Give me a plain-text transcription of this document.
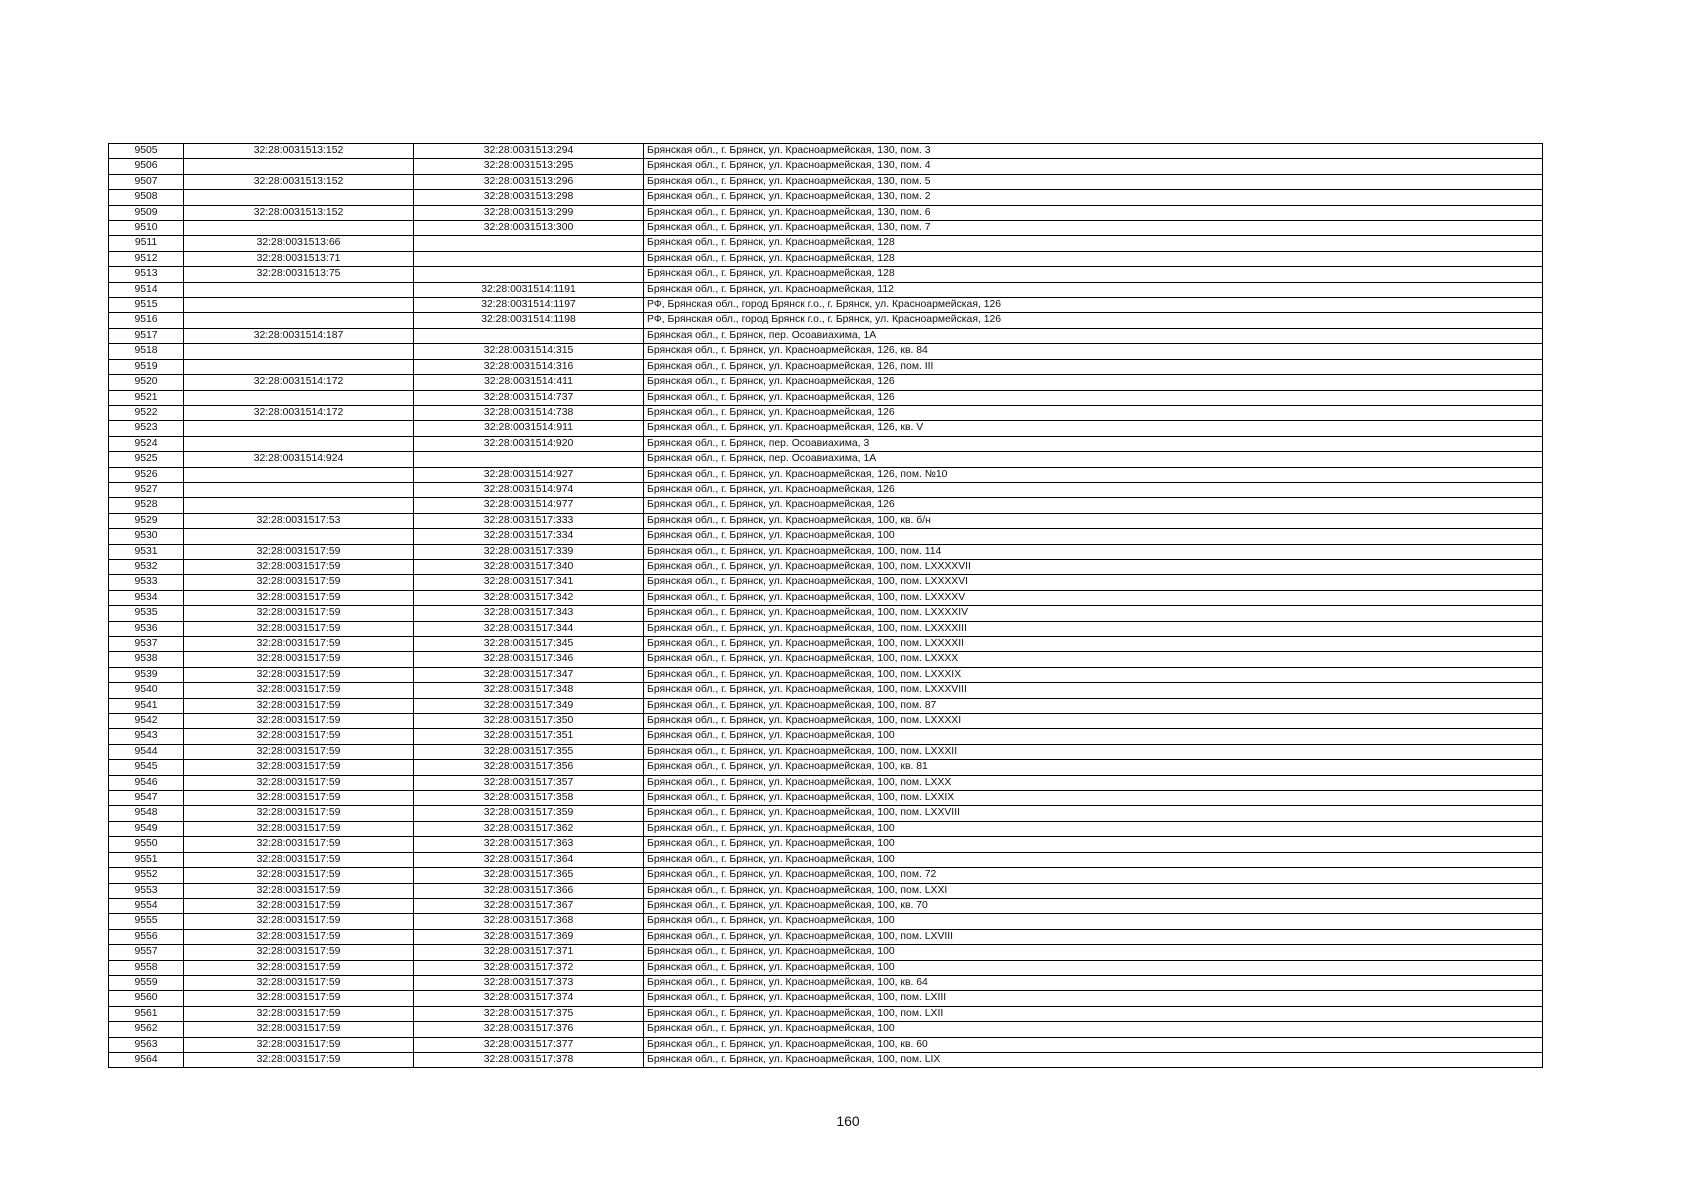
9505	32:28:0031513:152	32:28:0031513:294	Брянская обл., г. Брянск, ул. Красноармейская, 130, пом. 3
9506		32:28:0031513:295	Брянская обл., г. Брянск, ул. Красноармейская, 130, пом. 4
9507	32:28:0031513:152	32:28:0031513:296	Брянская обл., г. Брянск, ул. Красноармейская, 130, пом. 5
9508		32:28:0031513:298	Брянская обл., г. Брянск, ул. Красноармейская, 130, пом. 2
9509	32:28:0031513:152	32:28:0031513:299	Брянская обл., г. Брянск, ул. Красноармейская, 130, пом. 6
9510		32:28:0031513:300	Брянская обл., г. Брянск, ул. Красноармейская, 130, пом. 7
9511	32:28:0031513:66		Брянская обл., г. Брянск, ул. Красноармейская, 128
9512	32:28:0031513:71		Брянская обл., г. Брянск, ул. Красноармейская, 128
9513	32:28:0031513:75		Брянская обл., г. Брянск, ул. Красноармейская, 128
9514		32:28:0031514:1191	Брянская обл., г. Брянск, ул. Красноармейская, 112
9515		32:28:0031514:1197	РФ, Брянская обл., город Брянск г.о., г. Брянск, ул. Красноармейская, 126
9516		32:28:0031514:1198	РФ, Брянская обл., город Брянск г.о., г. Брянск, ул. Красноармейская, 126
9517	32:28:0031514:187		Брянская обл., г. Брянск, пер. Осоавиахима, 1А
9518		32:28:0031514:315	Брянская обл., г. Брянск, ул. Красноармейская, 126, кв. 84
9519		32:28:0031514:316	Брянская обл., г. Брянск, ул. Красноармейская, 126, пом. III
9520	32:28:0031514:172	32:28:0031514:411	Брянская обл., г. Брянск, ул. Красноармейская, 126
9521		32:28:0031514:737	Брянская обл., г. Брянск, ул. Красноармейская, 126
9522	32:28:0031514:172	32:28:0031514:738	Брянская обл., г. Брянск, ул. Красноармейская, 126
9523		32:28:0031514:911	Брянская обл., г. Брянск, ул. Красноармейская, 126, кв. V
9524		32:28:0031514:920	Брянская обл., г. Брянск, пер. Осоавиахима, 3
9525	32:28:0031514:924		Брянская обл., г. Брянск, пер. Осоавиахима, 1А
9526		32:28:0031514:927	Брянская обл., г. Брянск, ул. Красноармейская, 126, пом. №10
9527		32:28:0031514:974	Брянская обл., г. Брянск, ул. Красноармейская, 126
9528		32:28:0031514:977	Брянская обл., г. Брянск, ул. Красноармейская, 126
9529	32:28:0031517:53	32:28:0031517:333	Брянская обл., г. Брянск, ул. Красноармейская, 100, кв. б/н
9530		32:28:0031517:334	Брянская обл., г. Брянск, ул. Красноармейская, 100
9531	32:28:0031517:59	32:28:0031517:339	Брянская обл., г. Брянск, ул. Красноармейская, 100, пом. 114
9532	32:28:0031517:59	32:28:0031517:340	Брянская обл., г. Брянск, ул. Красноармейская, 100, пом. LXXXXVII
9533	32:28:0031517:59	32:28:0031517:341	Брянская обл., г. Брянск, ул. Красноармейская, 100, пом. LXXXXVI
9534	32:28:0031517:59	32:28:0031517:342	Брянская обл., г. Брянск, ул. Красноармейская, 100, пом. LXXXXV
9535	32:28:0031517:59	32:28:0031517:343	Брянская обл., г. Брянск, ул. Красноармейская, 100, пом. LXXXXIV
9536	32:28:0031517:59	32:28:0031517:344	Брянская обл., г. Брянск, ул. Красноармейская, 100, пом. LXXXXIII
9537	32:28:0031517:59	32:28:0031517:345	Брянская обл., г. Брянск, ул. Красноармейская, 100, пом. LXXXXII
9538	32:28:0031517:59	32:28:0031517:346	Брянская обл., г. Брянск, ул. Красноармейская, 100, пом. LXXXX
9539	32:28:0031517:59	32:28:0031517:347	Брянская обл., г. Брянск, ул. Красноармейская, 100, пом. LXXXIX
9540	32:28:0031517:59	32:28:0031517:348	Брянская обл., г. Брянск, ул. Красноармейская, 100, пом. LXXXVIII
9541	32:28:0031517:59	32:28:0031517:349	Брянская обл., г. Брянск, ул. Красноармейская, 100, пом. 87
9542	32:28:0031517:59	32:28:0031517:350	Брянская обл., г. Брянск, ул. Красноармейская, 100, пом. LXXXXI
9543	32:28:0031517:59	32:28:0031517:351	Брянская обл., г. Брянск, ул. Красноармейская, 100
9544	32:28:0031517:59	32:28:0031517:355	Брянская обл., г. Брянск, ул. Красноармейская, 100, пом. LXXXII
9545	32:28:0031517:59	32:28:0031517:356	Брянская обл., г. Брянск, ул. Красноармейская, 100, кв. 81
9546	32:28:0031517:59	32:28:0031517:357	Брянская обл., г. Брянск, ул. Красноармейская, 100, пом. LXXX
9547	32:28:0031517:59	32:28:0031517:358	Брянская обл., г. Брянск, ул. Красноармейская, 100, пом. LXXIX
9548	32:28:0031517:59	32:28:0031517:359	Брянская обл., г. Брянск, ул. Красноармейская, 100, пом. LXXVIII
9549	32:28:0031517:59	32:28:0031517:362	Брянская обл., г. Брянск, ул. Красноармейская, 100
9550	32:28:0031517:59	32:28:0031517:363	Брянская обл., г. Брянск, ул. Красноармейская, 100
9551	32:28:0031517:59	32:28:0031517:364	Брянская обл., г. Брянск, ул. Красноармейская, 100
9552	32:28:0031517:59	32:28:0031517:365	Брянская обл., г. Брянск, ул. Красноармейская, 100, пом. 72
9553	32:28:0031517:59	32:28:0031517:366	Брянская обл., г. Брянск, ул. Красноармейская, 100, пом. LXXI
9554	32:28:0031517:59	32:28:0031517:367	Брянская обл., г. Брянск, ул. Красноармейская, 100, кв. 70
9555	32:28:0031517:59	32:28:0031517:368	Брянская обл., г. Брянск, ул. Красноармейская, 100
9556	32:28:0031517:59	32:28:0031517:369	Брянская обл., г. Брянск, ул. Красноармейская, 100, пом. LXVIII
9557	32:28:0031517:59	32:28:0031517:371	Брянская обл., г. Брянск, ул. Красноармейская, 100
9558	32:28:0031517:59	32:28:0031517:372	Брянская обл., г. Брянск, ул. Красноармейская, 100
9559	32:28:0031517:59	32:28:0031517:373	Брянская обл., г. Брянск, ул. Красноармейская, 100, кв. 64
9560	32:28:0031517:59	32:28:0031517:374	Брянская обл., г. Брянск, ул. Красноармейская, 100, пом. LXIII
9561	32:28:0031517:59	32:28:0031517:375	Брянская обл., г. Брянск, ул. Красноармейская, 100, пом. LXII
9562	32:28:0031517:59	32:28:0031517:376	Брянская обл., г. Брянск, ул. Красноармейская, 100
9563	32:28:0031517:59	32:28:0031517:377	Брянская обл., г. Брянск, ул. Красноармейская, 100, кв. 60
9564	32:28:0031517:59	32:28:0031517:378	Брянская обл., г. Брянск, ул. Красноармейская, 100, пом. LIX
160
